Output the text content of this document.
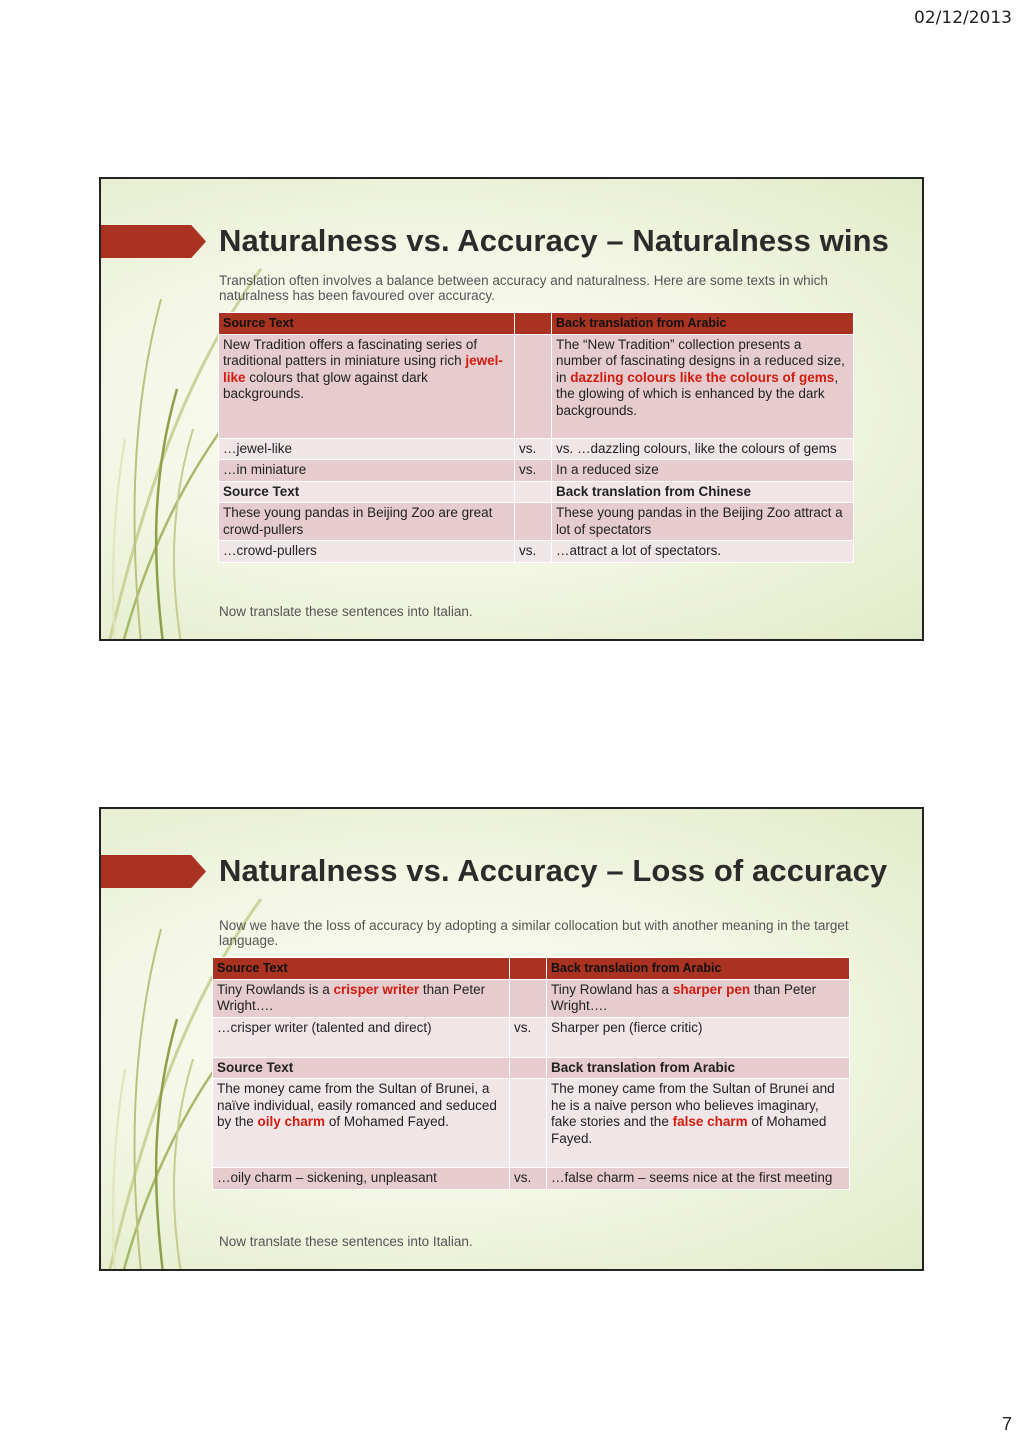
02/12/2013
Naturalness vs. Accuracy – Naturalness wins
Translation often involves a balance between accuracy and naturalness. Here are some texts in which naturalness has been favoured over accuracy.
Source Text		Back translation from Arabic
New Tradition offers a fascinating series of traditional patters in miniature using rich jewel-like colours that glow against dark backgrounds.		The “New Tradition” collection presents a number of fascinating designs in a reduced size, in dazzling colours like the colours of gems, the glowing of which is enhanced by the dark backgrounds.
…jewel-like	vs.	vs. …dazzling colours, like the colours of gems
…in miniature	vs.	In a reduced size
Source Text		Back translation from Chinese
These young pandas in Beijing Zoo are great crowd-pullers		These young pandas in the Beijing Zoo attract a lot of spectators
…crowd-pullers	vs.	…attract a lot of spectators.
Now translate these sentences into Italian.
Naturalness vs. Accuracy – Loss of accuracy
Now we have the loss of accuracy by adopting a similar collocation but with another meaning in the target language.
Source Text		Back translation from Arabic
Tiny Rowlands is a crisper writer than Peter Wright….		Tiny Rowland has a sharper pen than Peter Wright….
…crisper writer (talented and direct)	vs.	Sharper pen (fierce critic)
Source Text		Back translation from Arabic
The money came from the Sultan of Brunei, a naïve individual, easily romanced and seduced by the oily charm of Mohamed Fayed.		The money came from the Sultan of Brunei and he is a naive person who believes imaginary, fake stories and the false charm of Mohamed Fayed.
…oily charm – sickening, unpleasant	vs.	…false charm – seems nice at the first meeting
Now translate these sentences into Italian.
7
